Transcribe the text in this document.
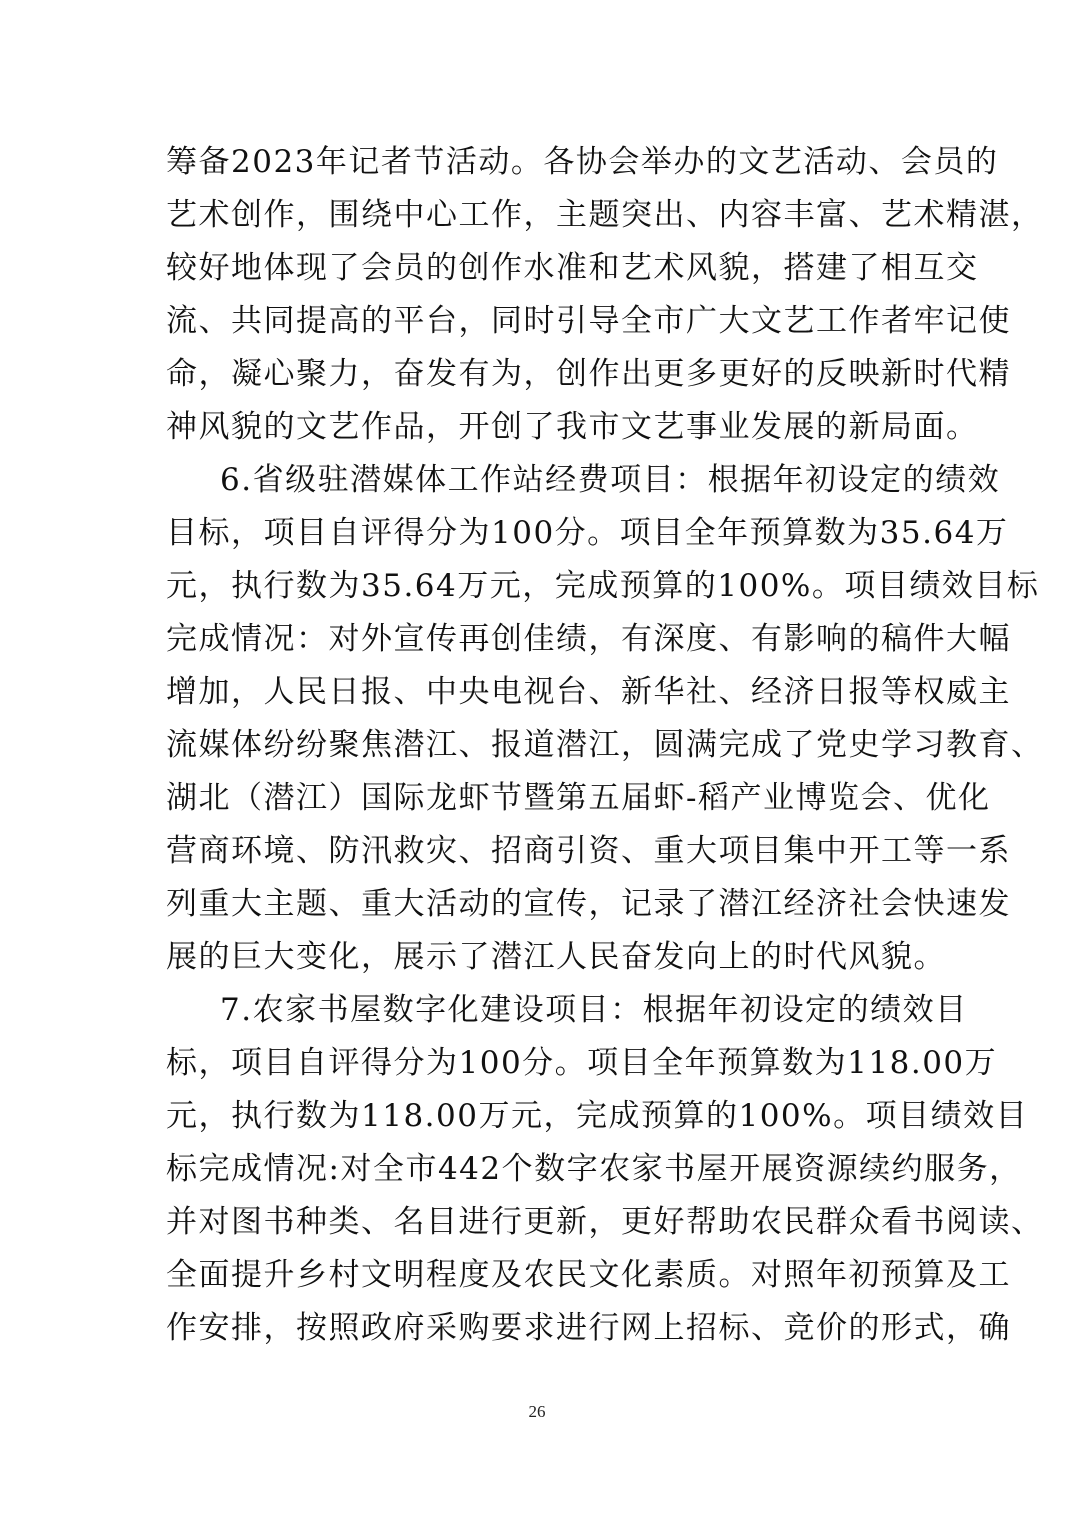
筹备2023年记者节活动。各协会举办的文艺活动、会员的
艺术创作，围绕中心工作，主题突出、内容丰富、艺术精湛，
较好地体现了会员的创作水准和艺术风貌，搭建了相互交
流、共同提高的平台，同时引导全市广大文艺工作者牢记使
命，凝心聚力，奋发有为，创作出更多更好的反映新时代精
神风貌的文艺作品，开创了我市文艺事业发展的新局面。
6.省级驻潜媒体工作站经费项目：根据年初设定的绩效
目标，项目自评得分为100分。项目全年预算数为35.64万
元，执行数为35.64万元，完成预算的100%。项目绩效目标
完成情况：对外宣传再创佳绩，有深度、有影响的稿件大幅
增加，人民日报、中央电视台、新华社、经济日报等权威主
流媒体纷纷聚焦潜江、报道潜江，圆满完成了党史学习教育、
湖北（潜江）国际龙虾节暨第五届虾-稻产业博览会、优化
营商环境、防汛救灾、招商引资、重大项目集中开工等一系
列重大主题、重大活动的宣传，记录了潜江经济社会快速发
展的巨大变化，展示了潜江人民奋发向上的时代风貌。
7.农家书屋数字化建设项目：根据年初设定的绩效目
标，项目自评得分为100分。项目全年预算数为118.00万
元，执行数为118.00万元，完成预算的100%。项目绩效目
标完成情况:对全市442个数字农家书屋开展资源续约服务，
并对图书种类、名目进行更新，更好帮助农民群众看书阅读、
全面提升乡村文明程度及农民文化素质。对照年初预算及工
作安排，按照政府采购要求进行网上招标、竞价的形式，确
26
